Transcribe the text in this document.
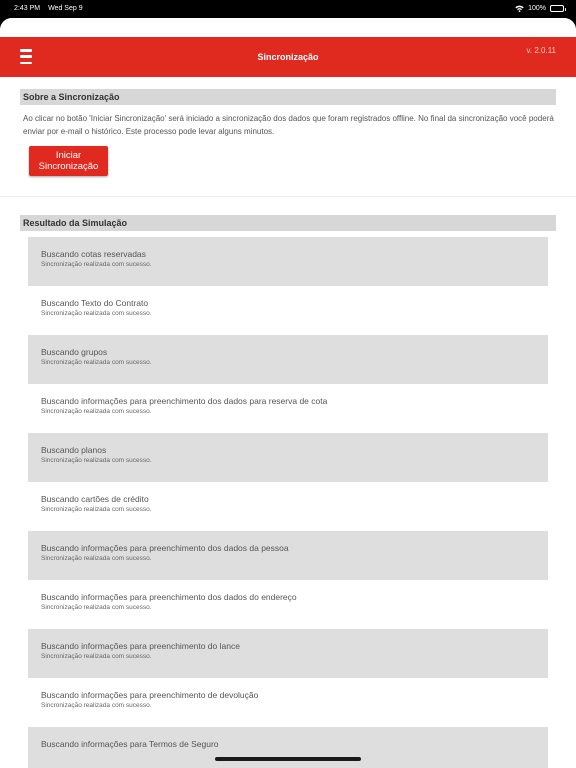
2:43 PM Wed Sep 9	100%
Sincronização
v. 2.0.11
Sobre a Sincronização

Ao clicar no botão 'Iniciar Sincronização' será iniciado a sincronização dos dados que foram registrados offline. No final da sincronização você poderá enviar por e-mail o histórico. Este processo pode levar alguns minutos.

Iniciar Sincronização
Resultado da Simulação
Buscando cotas reservadas
Sincronização realizada com sucesso.
Buscando Texto do Contrato
Sincronização realizada com sucesso.
Buscando grupos
Sincronização realizada com sucesso.
Buscando informações para preenchimento dos dados para reserva de cota
Sincronização realizada com sucesso.
Buscando planos
Sincronização realizada com sucesso.
Buscando cartões de crédito
Sincronização realizada com sucesso.
Buscando informações para preenchimento dos dados da pessoa
Sincronização realizada com sucesso.
Buscando informações para preenchimento dos dados do endereço
Sincronização realizada com sucesso.
Buscando informações para preenchimento do lance
Sincronização realizada com sucesso.
Buscando informações para preenchimento de devolução
Sincronização realizada com sucesso.
Buscando informações para Termos de Seguro
